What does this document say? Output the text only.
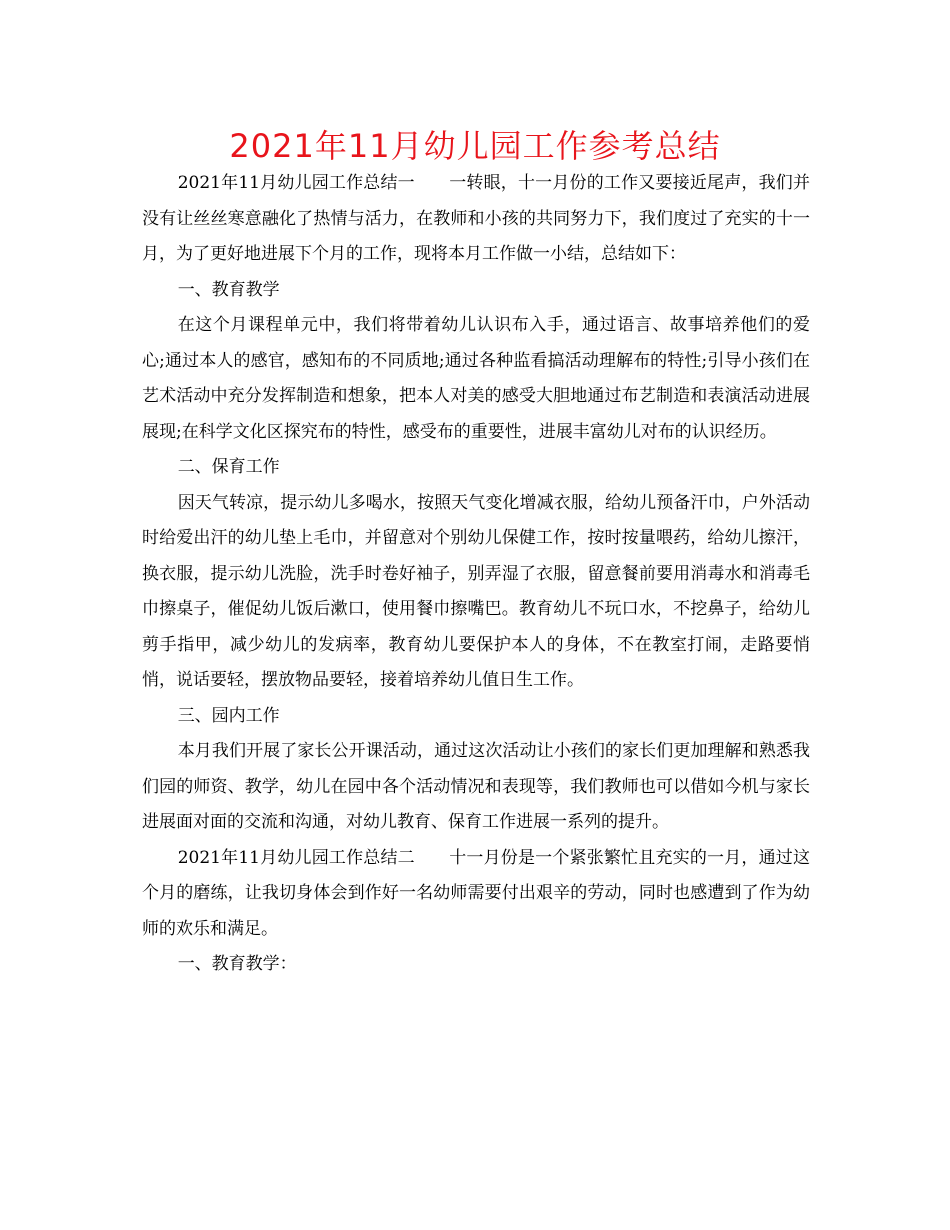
2021年11月幼儿园工作参考总结

2021年11月幼儿园工作总结一　　一转眼，十一月份的工作又要接近尾声，我们并没有让丝丝寒意融化了热情与活力，在教师和小孩的共同努力下，我们度过了充实的十一月，为了更好地进展下个月的工作，现将本月工作做一小结，总结如下：

一、教育教学

在这个月课程单元中，我们将带着幼儿认识布入手，通过语言、故事培养他们的爱心;通过本人的感官，感知布的不同质地;通过各种监看搞活动理解布的特性;引导小孩们在艺术活动中充分发挥制造和想象，把本人对美的感受大胆地通过布艺制造和表演活动进展展现;在科学文化区探究布的特性，感受布的重要性，进展丰富幼儿对布的认识经历。

二、保育工作

因天气转凉，提示幼儿多喝水，按照天气变化增减衣服，给幼儿预备汗巾，户外活动时给爱出汗的幼儿垫上毛巾，并留意对个别幼儿保健工作，按时按量喂药，给幼儿擦汗，换衣服，提示幼儿洗脸，洗手时卷好袖子，别弄湿了衣服，留意餐前要用消毒水和消毒毛巾擦桌子，催促幼儿饭后漱口，使用餐巾擦嘴巴。教育幼儿不玩口水，不挖鼻子，给幼儿剪手指甲，减少幼儿的发病率，教育幼儿要保护本人的身体，不在教室打闹，走路要悄悄，说话要轻，摆放物品要轻，接着培养幼儿值日生工作。

三、园内工作

本月我们开展了家长公开课活动，通过这次活动让小孩们的家长们更加理解和熟悉我们园的师资、教学，幼儿在园中各个活动情况和表现等，我们教师也可以借如今机与家长进展面对面的交流和沟通，对幼儿教育、保育工作进展一系列的提升。

2021年11月幼儿园工作总结二　　十一月份是一个紧张繁忙且充实的一月，通过这个月的磨练，让我切身体会到作好一名幼师需要付出艰辛的劳动，同时也感遭到了作为幼师的欢乐和满足。

一、教育教学：
